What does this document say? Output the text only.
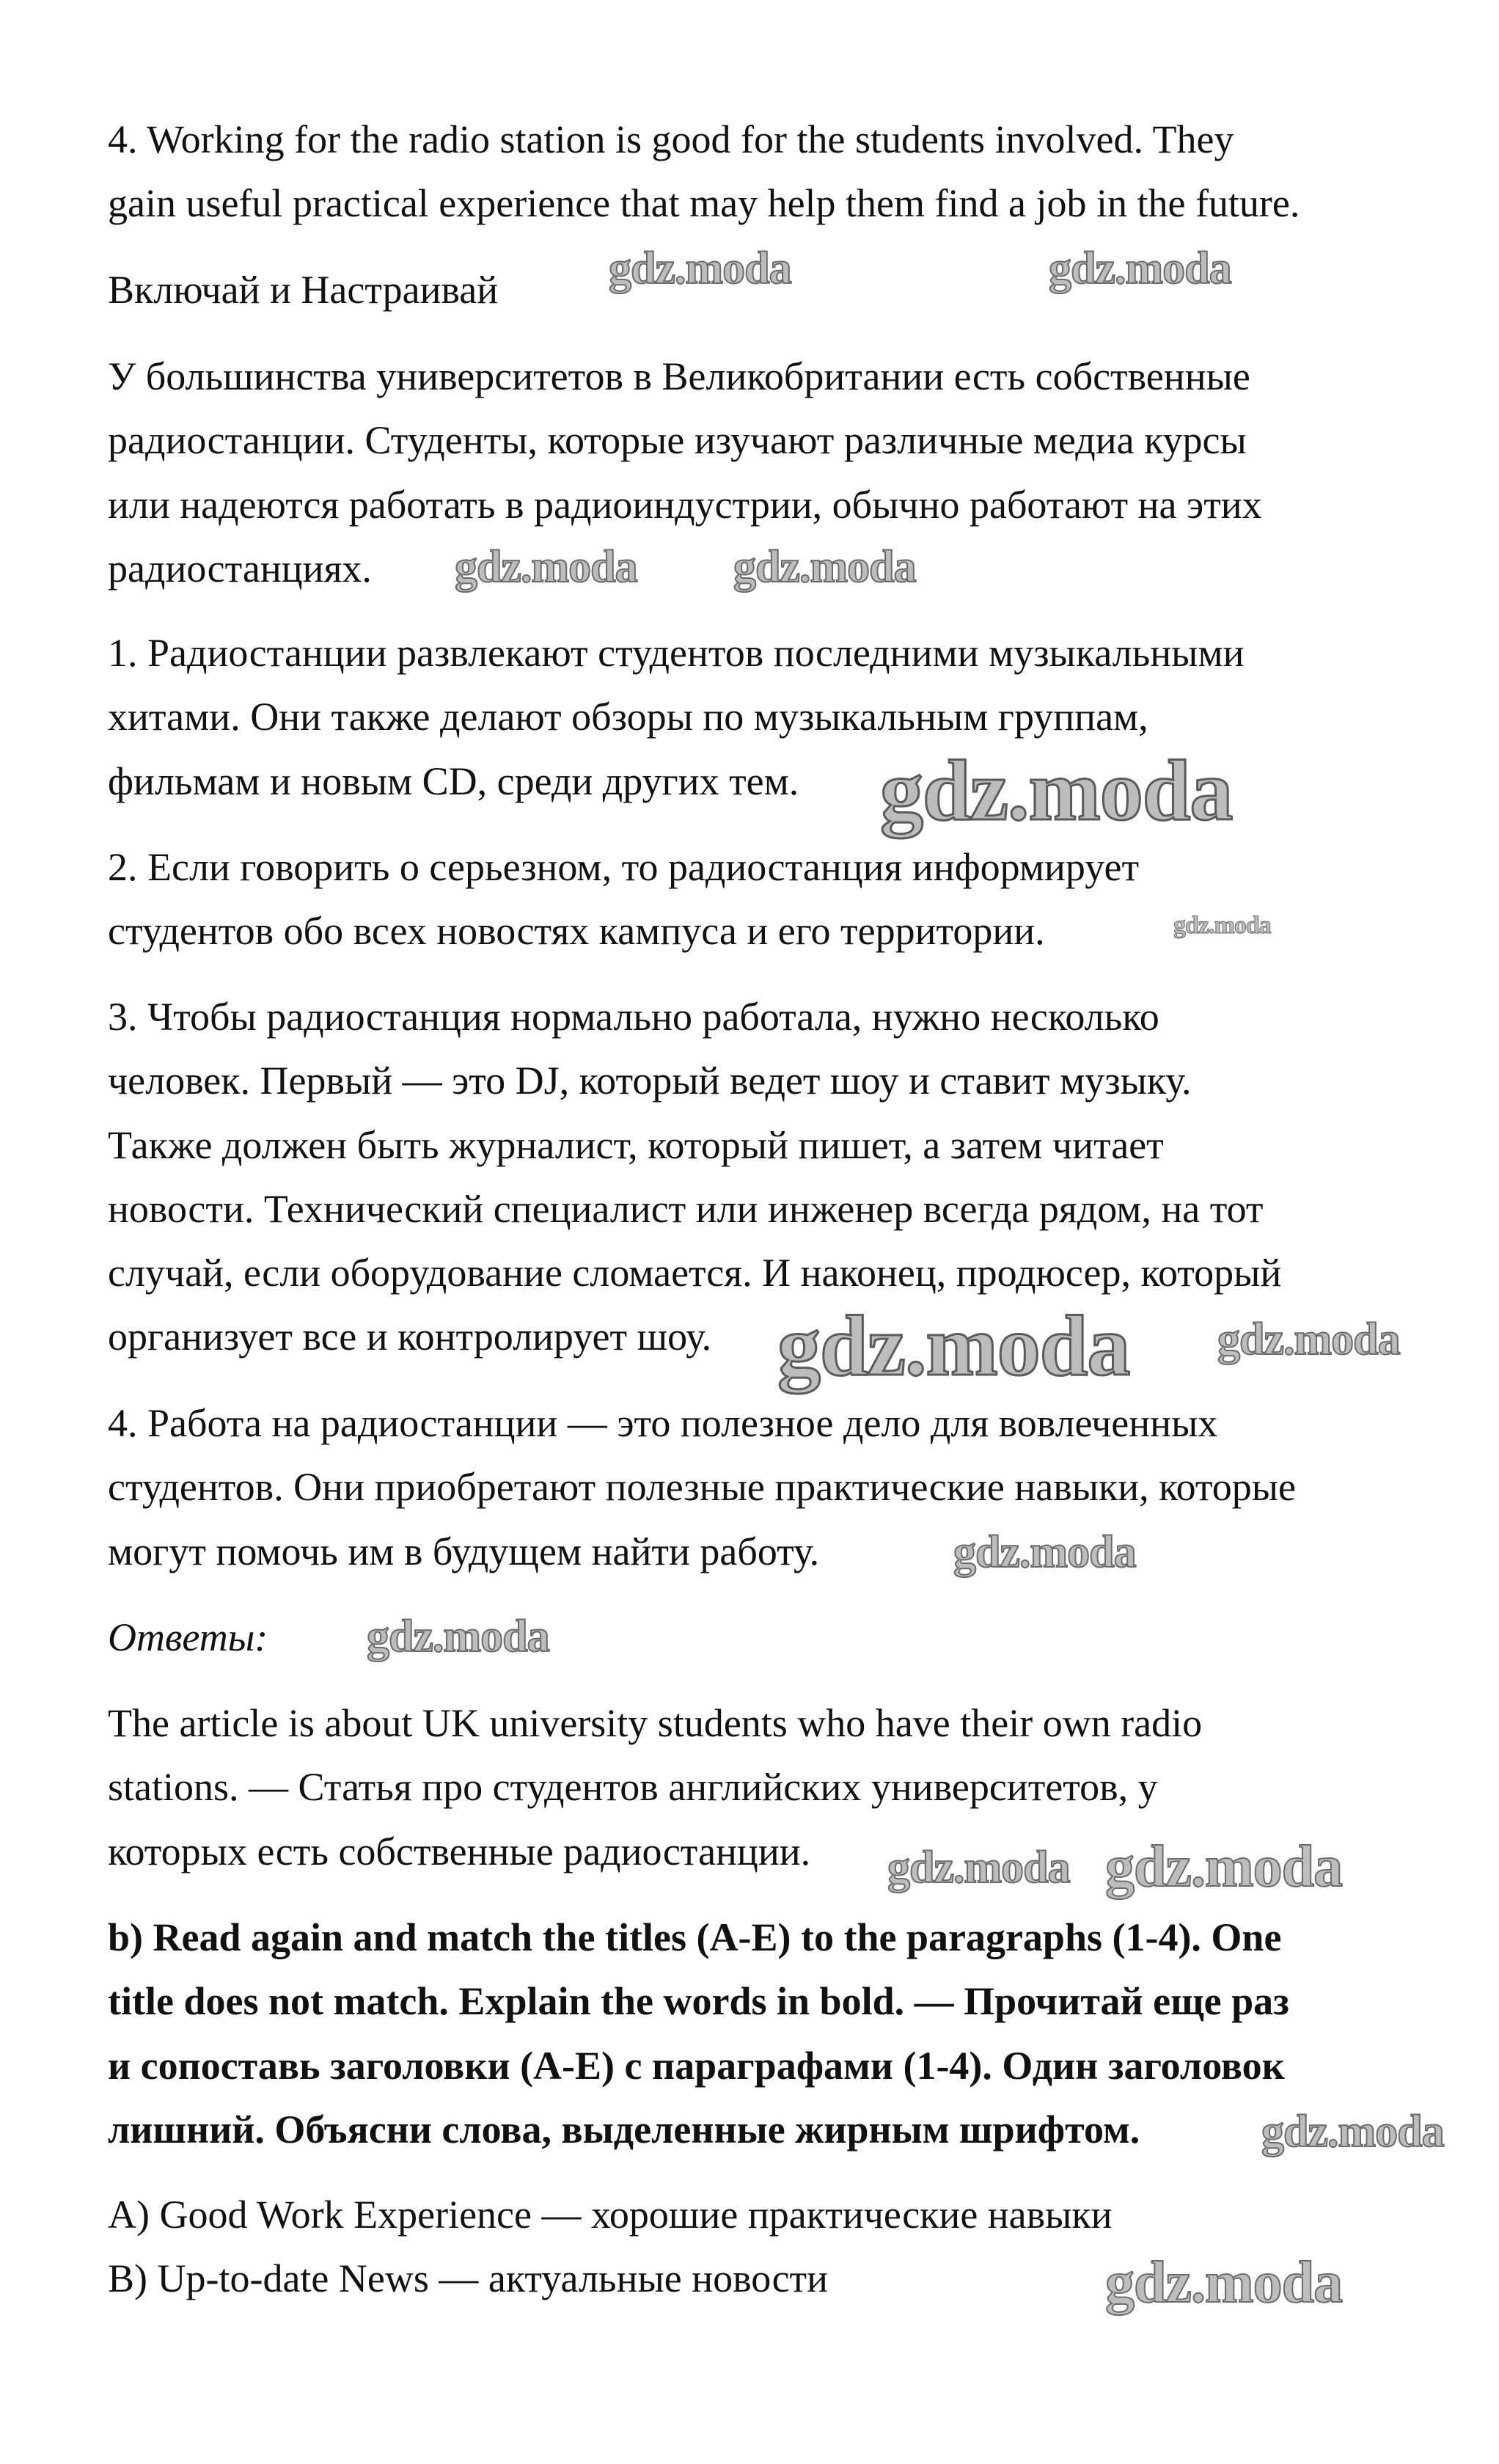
4. Working for the radio station is good for the students involved. They
gain useful practical experience that may help them find a job in the future.
Включай и Настраивай
У большинства университетов в Великобритании есть собственные
радиостанции. Студенты, которые изучают различные медиа курсы
или надеются работать в радиоиндустрии, обычно работают на этих
радиостанциях.
1. Радиостанции развлекают студентов последними музыкальными
хитами. Они также делают обзоры по музыкальным группам,
фильмам и новым CD, среди других тем.
2. Если говорить о серьезном, то радиостанция информирует
студентов обо всех новостях кампуса и его территории.
3. Чтобы радиостанция нормально работала, нужно несколько
человек. Первый — это DJ, который ведет шоу и ставит музыку.
Также должен быть журналист, который пишет, а затем читает
новости. Технический специалист или инженер всегда рядом, на тот
случай, если оборудование сломается. И наконец, продюсер, который
организует все и контролирует шоу.
4. Работа на радиостанции — это полезное дело для вовлеченных
студентов. Они приобретают полезные практические навыки, которые
могут помочь им в будущем найти работу.
Ответы:
The article is about UK university students who have their own radio
stations. — Статья про студентов английских университетов, у
которых есть собственные радиостанции.
b) Read again and match the titles (A-E) to the paragraphs (1-4). One
title does not match. Explain the words in bold. — Прочитай еще раз
и сопоставь заголовки (A-E) с параграфами (1-4). Один заголовок
лишний. Объясни слова, выделенные жирным шрифтом.
A) Good Work Experience — хорошие практические навыки
B) Up-to-date News — актуальные новости
gdz.moda	gdz.moda
gdz.moda gdz.moda
gdz.moda
gdz.moda
gdz.moda
gdz.moda
gdz.moda
gdz.moda
gdz.moda
gdz.moda
gdz.moda
gdz.moda
